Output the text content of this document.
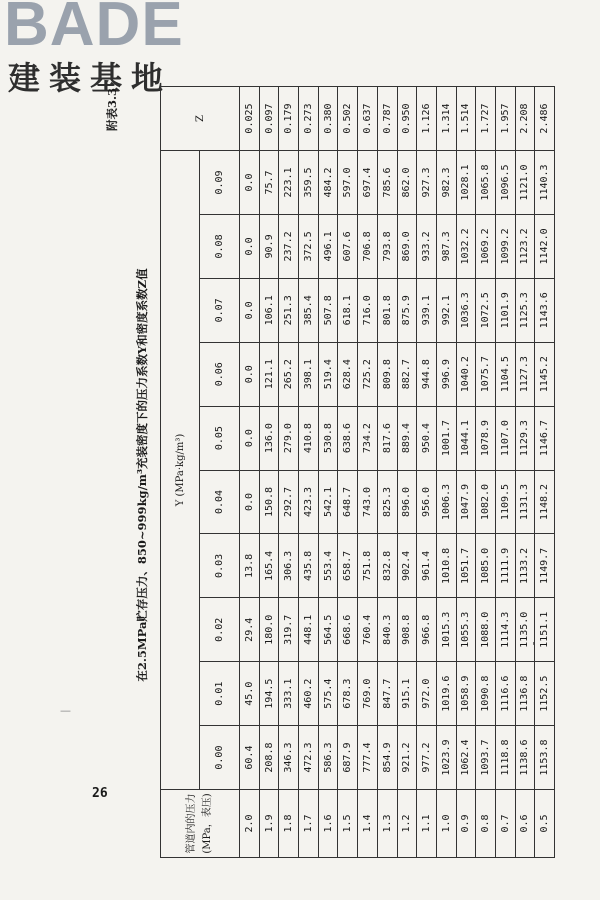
BADE
建装基地
—
'
26
附表3.3
在2.5MPa贮存压力、850~999kg/m³充装密度下的压力系数Y和密度系数Z值
管道内的压力 (MPa，表压)	Y (MPa·kg/m³)										Z
	0.00	0.01	0.02	0.03	0.04	0.05	0.06	0.07	0.08	0.09	
2.0	60.4	45.0	29.4	13.8	0.0	0.0	0.0	0.0	0.0	0.0	0.025
1.9	208.8	194.5	180.0	165.4	150.8	136.0	121.1	106.1	90.9	75.7	0.097
1.8	346.3	333.1	319.7	306.3	292.7	279.0	265.2	251.3	237.2	223.1	0.179
1.7	472.3	460.2	448.1	435.8	423.3	410.8	398.1	385.4	372.5	359.5	0.273
1.6	586.3	575.4	564.5	553.4	542.1	530.8	519.4	507.8	496.1	484.2	0.380
1.5	687.9	678.3	668.6	658.7	648.7	638.6	628.4	618.1	607.6	597.0	0.502
1.4	777.4	769.0	760.4	751.8	743.0	734.2	725.2	716.0	706.8	697.4	0.637
1.3	854.9	847.7	840.3	832.8	825.3	817.6	809.8	801.8	793.8	785.6	0.787
1.2	921.2	915.1	908.8	902.4	896.0	889.4	882.7	875.9	869.0	862.0	0.950
1.1	977.2	972.0	966.8	961.4	956.0	950.4	944.8	939.1	933.2	927.3	1.126
1.0	1023.9	1019.6	1015.3	1010.8	1006.3	1001.7	996.9	992.1	987.3	982.3	1.314
0.9	1062.4	1058.9	1055.3	1051.7	1047.9	1044.1	1040.2	1036.3	1032.2	1028.1	1.514
0.8	1093.7	1090.8	1088.0	1085.0	1082.0	1078.9	1075.7	1072.5	1069.2	1065.8	1.727
0.7	1118.8	1116.6	1114.3	1111.9	1109.5	1107.0	1104.5	1101.9	1099.2	1096.5	1.957
0.6	1138.6	1136.8	1135.0	1133.2	1131.3	1129.3	1127.3	1125.3	1123.2	1121.0	2.208
0.5	1153.8	1152.5	1151.1	1149.7	1148.2	1146.7	1145.2	1143.6	1142.0	1140.3	2.486
